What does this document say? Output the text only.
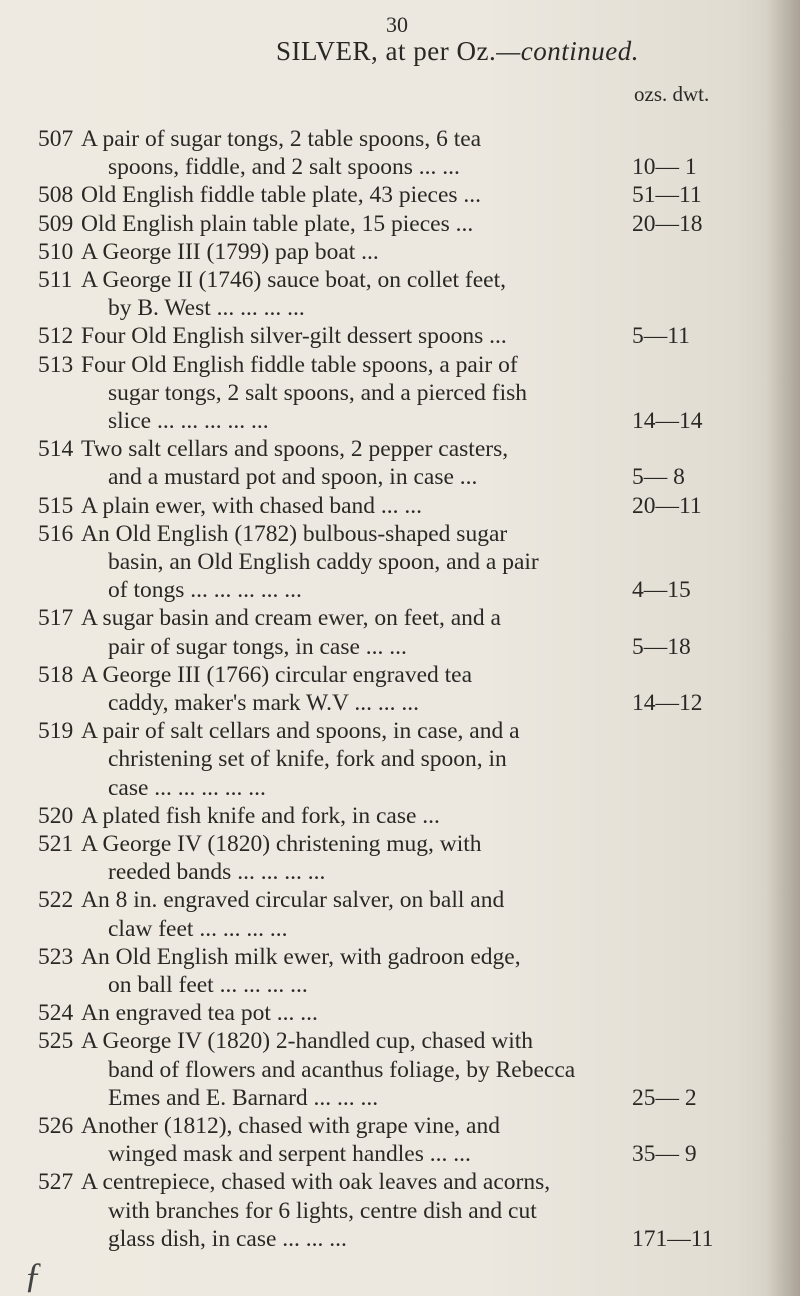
30
SILVER, at per Oz.—continued.
ozs. dwt.
507 A pair of sugar tongs, 2 table spoons, 6 tea
spoons, fiddle, and 2 salt spoons ... ...	10— 1
508 Old English fiddle table plate, 43 pieces ...	51—11
509 Old English plain table plate, 15 pieces ...	20—18
510 A George III (1799) pap boat ...
511 A George II (1746) sauce boat, on collet feet,
by B. West ... ... ... ...
512 Four Old English silver-gilt dessert spoons ...	5—11
513 Four Old English fiddle table spoons, a pair of
sugar tongs, 2 salt spoons, and a pierced fish
slice ... ... ... ... ...	14—14
514 Two salt cellars and spoons, 2 pepper casters,
and a mustard pot and spoon, in case ...	5— 8
515 A plain ewer, with chased band ... ...	20—11
516 An Old English (1782) bulbous-shaped sugar
basin, an Old English caddy spoon, and a pair
of tongs ... ... ... ... ...	4—15
517 A sugar basin and cream ewer, on feet, and a
pair of sugar tongs, in case ... ...	5—18
518 A George III (1766) circular engraved tea
caddy, maker's mark W.V ... ... ...	14—12
519 A pair of salt cellars and spoons, in case, and a
christening set of knife, fork and spoon, in
case ... ... ... ... ...
520 A plated fish knife and fork, in case ...
521 A George IV (1820) christening mug, with
reeded bands ... ... ... ...
522 An 8 in. engraved circular salver, on ball and
claw feet ... ... ... ...
523 An Old English milk ewer, with gadroon edge,
on ball feet ... ... ... ...
524 An engraved tea pot ... ...
525 A George IV (1820) 2-handled cup, chased with
band of flowers and acanthus foliage, by Rebecca
Emes and E. Barnard ... ... ...	25— 2
526 Another (1812), chased with grape vine, and
winged mask and serpent handles ... ...	35— 9
527 A centrepiece, chased with oak leaves and acorns,
with branches for 6 lights, centre dish and cut
glass dish, in case ... ... ...	171—11
ƒ
